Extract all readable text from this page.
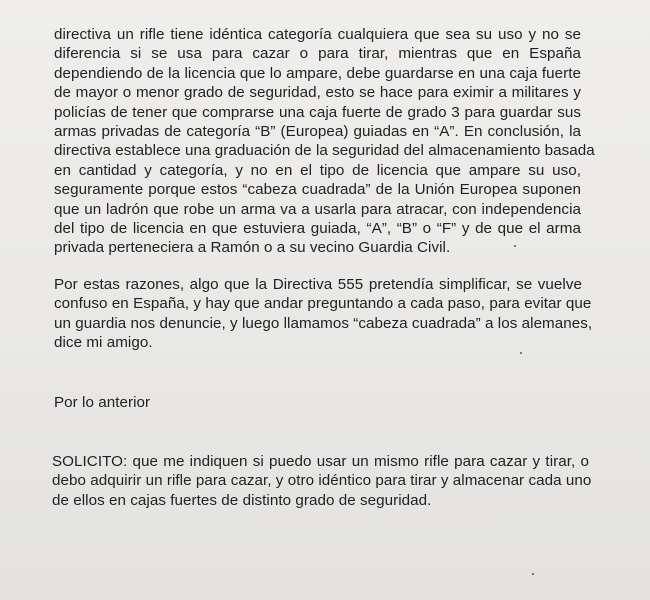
directiva un rifle tiene idéntica categoría cualquiera que sea su uso y no se
diferencia si se usa para cazar o para tirar, mientras que en España
dependiendo de la licencia que lo ampare, debe guardarse en una caja fuerte
de mayor o menor grado de seguridad, esto se hace para eximir a militares y
policías de tener que comprarse una caja fuerte de grado 3 para guardar sus
armas privadas de categoría “B” (Europea) guiadas en “A”. En conclusión, la
directiva establece una graduación de la seguridad del almacenamiento basada
en cantidad y categoría, y no en el tipo de licencia que ampare su uso,
seguramente porque estos “cabeza cuadrada” de la Unión Europea suponen
que un ladrón que robe un arma va a usarla para atracar, con independencia
del tipo de licencia en que estuviera guiada, “A”, “B” o “F” y de que el arma
privada perteneciera a Ramón o a su vecino Guardia Civil.

Por estas razones, algo que la Directiva 555 pretendía simplificar, se vuelve
confuso en España, y hay que andar preguntando a cada paso, para evitar que
un guardia nos denuncie, y luego llamamos “cabeza cuadrada” a los alemanes,
dice mi amigo.

Por lo anterior

SOLICITO: que me indiquen si puedo usar un mismo rifle para cazar y tirar, o
debo adquirir un rifle para cazar, y otro idéntico para tirar y almacenar cada uno
de ellos en cajas fuertes de distinto grado de seguridad.
